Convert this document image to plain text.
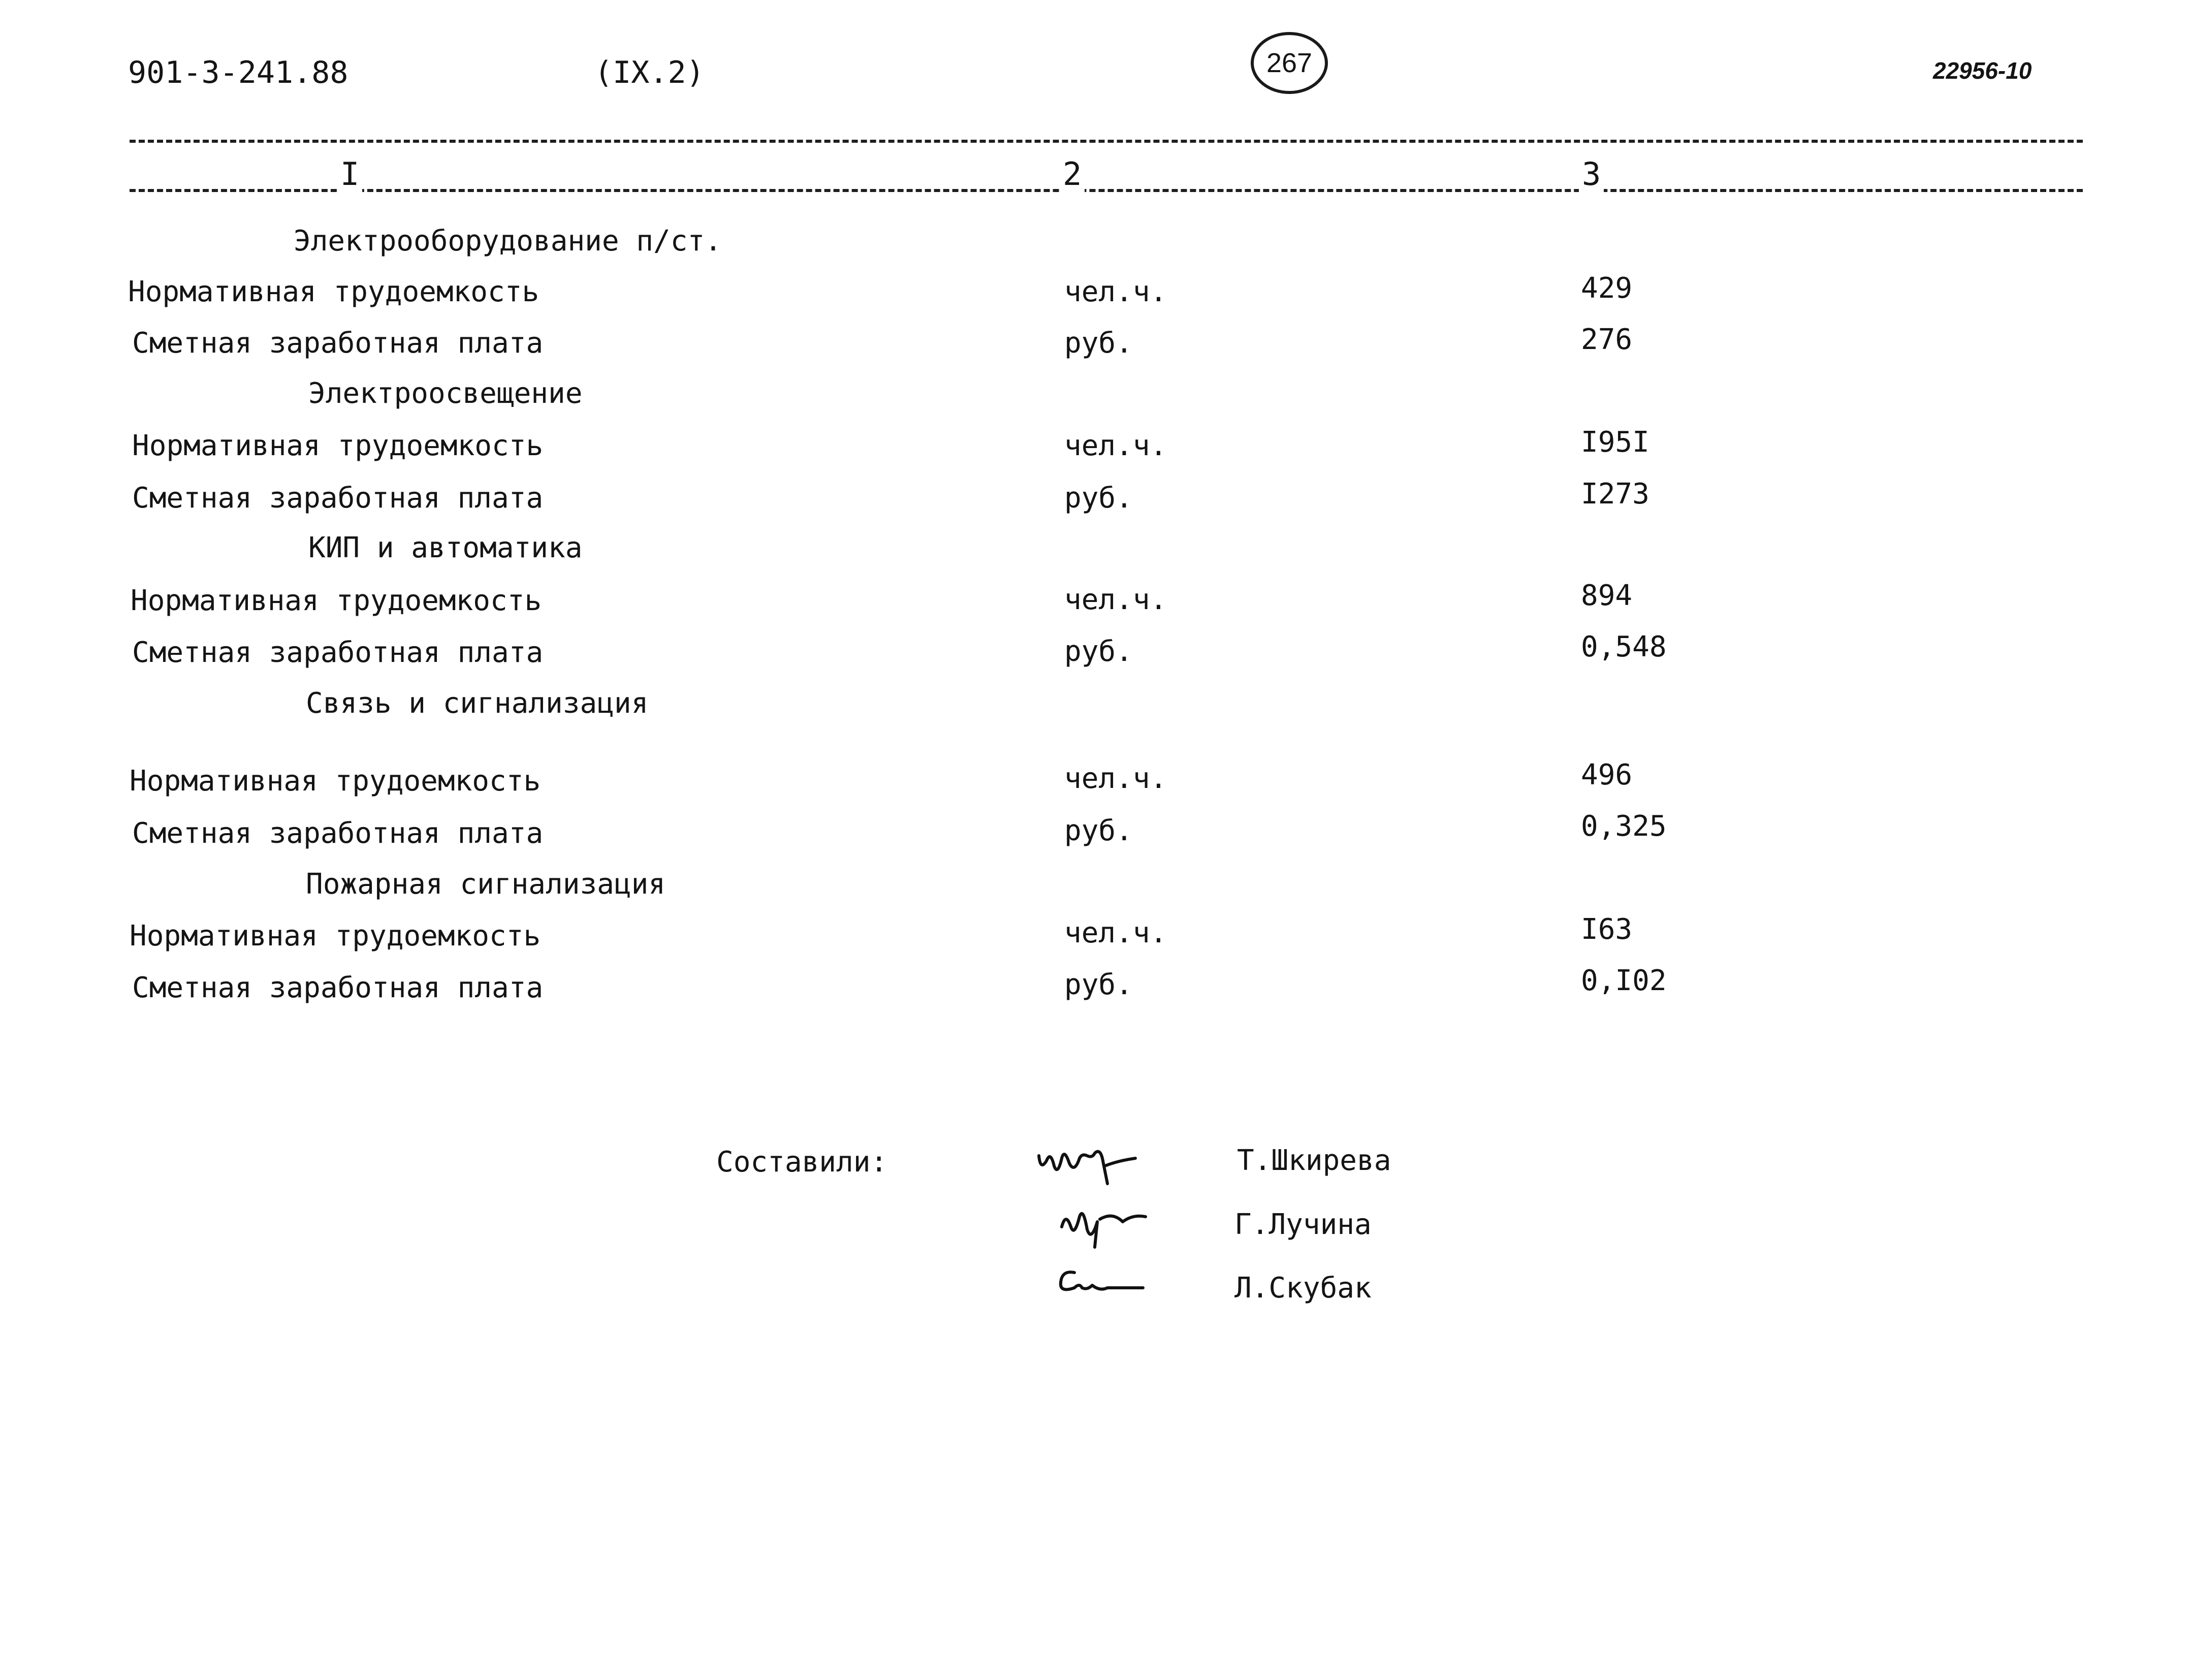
901-3-241.88	(IX.2)	267	22956-10
I	2	3
Электрооборудование п/ст.
Нормативная трудоемкость	чел.ч.	429
Сметная заработная плата	руб.	276
Электроосвещение
Нормативная трудоемкость	чел.ч.	I95I
Сметная заработная плата	руб.	I273
КИП и автоматика
Нормативная трудоемкость	чел.ч.	894
Сметная заработная плата	руб.	0,548
Связь и сигнализация
Нормативная трудоемкость	чел.ч.	496
Сметная заработная плата	руб.	0,325
Пожарная сигнализация
Нормативная трудоемкость	чел.ч.	I63
Сметная заработная плата	руб.	0,I02
Составили:	Т.Шкирева
Г.Лучина
Л.Скубак
